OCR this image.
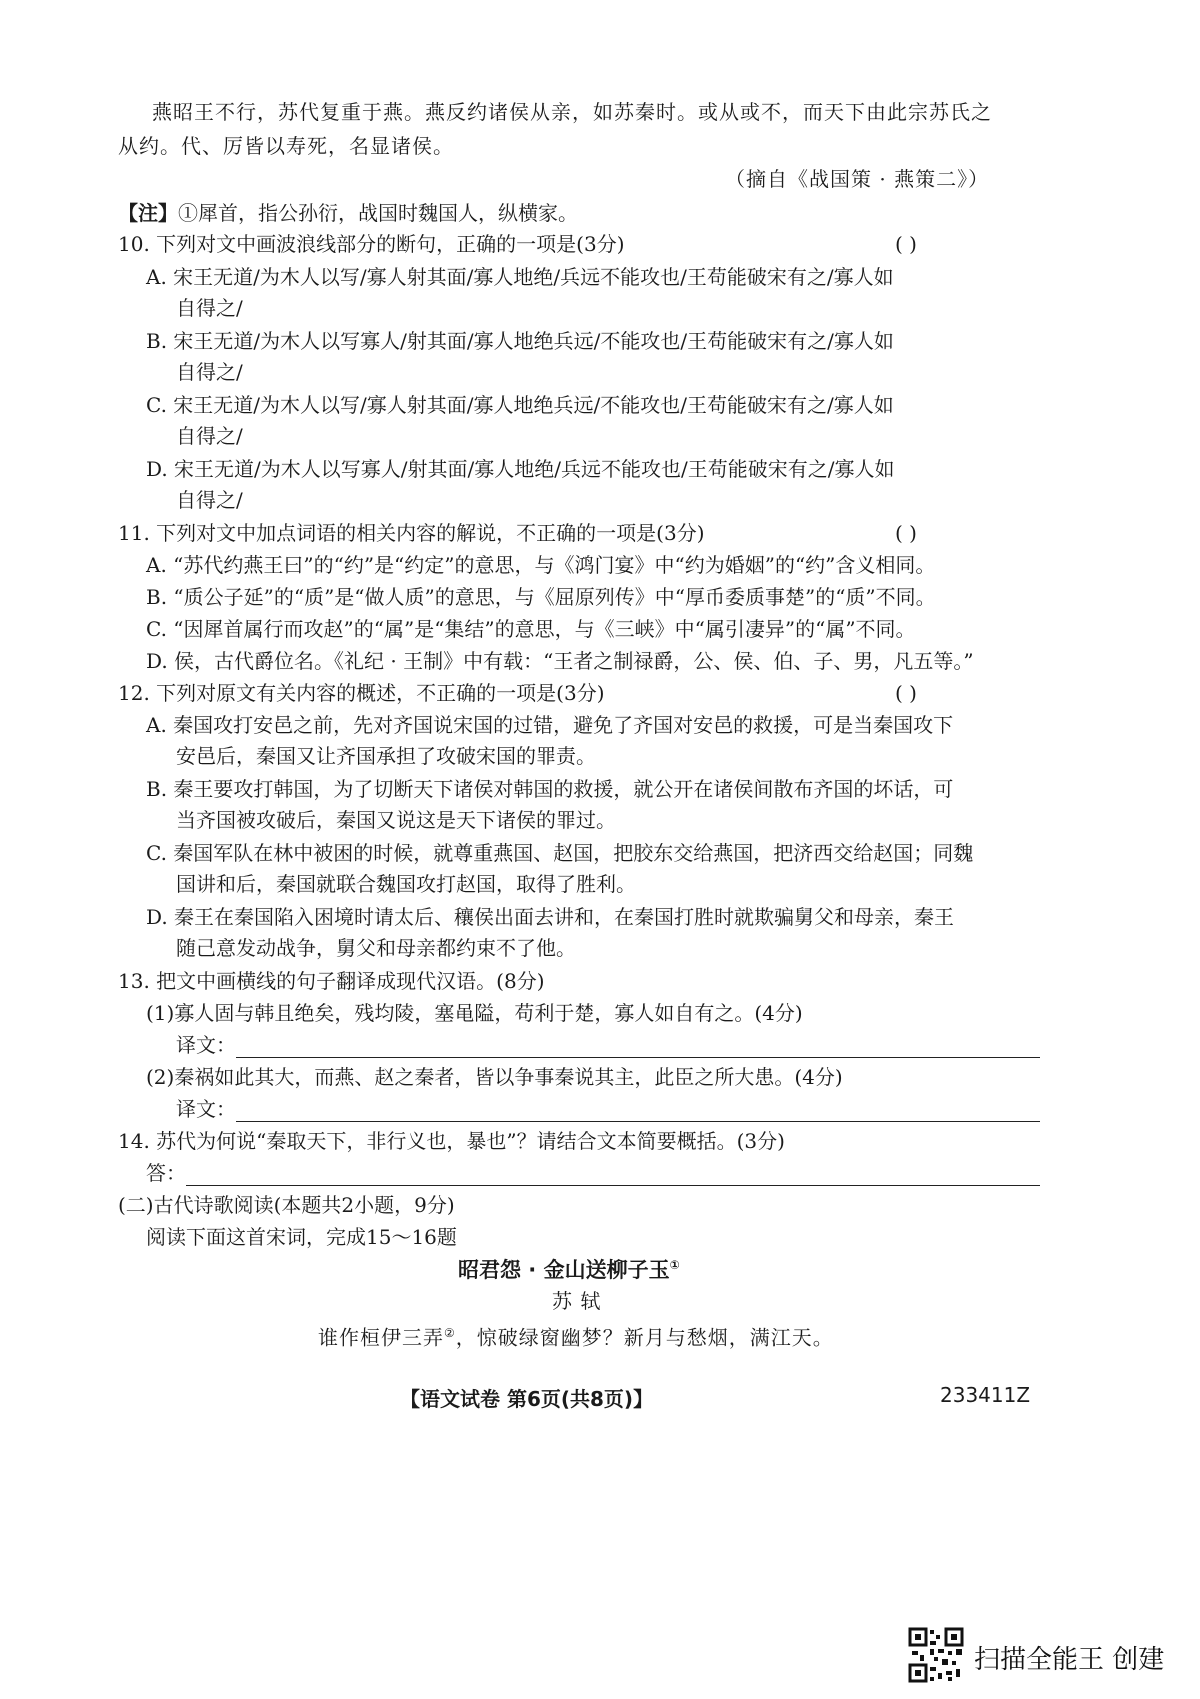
燕昭王不行，苏代复重于燕。燕反约诸侯从亲，如苏秦时。或从或不，而天下由此宗苏氏之
从约。代、厉皆以寿死，名显诸侯。
（摘自《战国策 · 燕策二》）
【注】①犀首，指公孙衍，战国时魏国人，纵横家。
10. 下列对文中画波浪线部分的断句，正确的一项是(3分)	( )
A. 宋王无道/为木人以写/寡人射其面/寡人地绝/兵远不能攻也/王苟能破宋有之/寡人如
自得之/
B. 宋王无道/为木人以写寡人/射其面/寡人地绝兵远/不能攻也/王苟能破宋有之/寡人如
自得之/
C. 宋王无道/为木人以写/寡人射其面/寡人地绝兵远/不能攻也/王苟能破宋有之/寡人如
自得之/
D. 宋王无道/为木人以写寡人/射其面/寡人地绝/兵远不能攻也/王苟能破宋有之/寡人如
自得之/
11. 下列对文中加点词语的相关内容的解说，不正确的一项是(3分)	( )
A. “苏代约燕王曰”的“约”是“约定”的意思，与《鸿门宴》中“约为婚姻”的“约”含义相同。
B. “质公子延”的“质”是“做人质”的意思，与《屈原列传》中“厚币委质事楚”的“质”不同。
C. “因犀首属行而攻赵”的“属”是“集结”的意思，与《三峡》中“属引凄异”的“属”不同。
D. 侯，古代爵位名。《礼纪 · 王制》中有载：“王者之制禄爵，公、侯、伯、子、男，凡五等。”
12. 下列对原文有关内容的概述，不正确的一项是(3分)	( )
A. 秦国攻打安邑之前，先对齐国说宋国的过错，避免了齐国对安邑的救援，可是当秦国攻下
安邑后，秦国又让齐国承担了攻破宋国的罪责。
B. 秦王要攻打韩国，为了切断天下诸侯对韩国的救援，就公开在诸侯间散布齐国的坏话，可
当齐国被攻破后，秦国又说这是天下诸侯的罪过。
C. 秦国军队在林中被困的时候，就尊重燕国、赵国，把胶东交给燕国，把济西交给赵国；同魏
国讲和后，秦国就联合魏国攻打赵国，取得了胜利。
D. 秦王在秦国陷入困境时请太后、穰侯出面去讲和，在秦国打胜时就欺骗舅父和母亲，秦王
随己意发动战争，舅父和母亲都约束不了他。
13. 把文中画横线的句子翻译成现代汉语。(8分)
(1)寡人固与韩且绝矣，残均陵，塞黾隘，苟利于楚，寡人如自有之。(4分)
译文：
(2)秦祸如此其大，而燕、赵之秦者，皆以争事秦说其主，此臣之所大患。(4分)
译文：
14. 苏代为何说“秦取天下，非行义也，暴也”？请结合文本简要概括。(3分)
答：
(二)古代诗歌阅读(本题共2小题，9分)
阅读下面这首宋词，完成15～16题
昭君怨 · 金山送柳子玉①
苏 轼
谁作桓伊三弄②，惊破绿窗幽梦？新月与愁烟，满江天。
【语文试卷 第6页(共8页)】	233411Z
扫描全能王 创建
